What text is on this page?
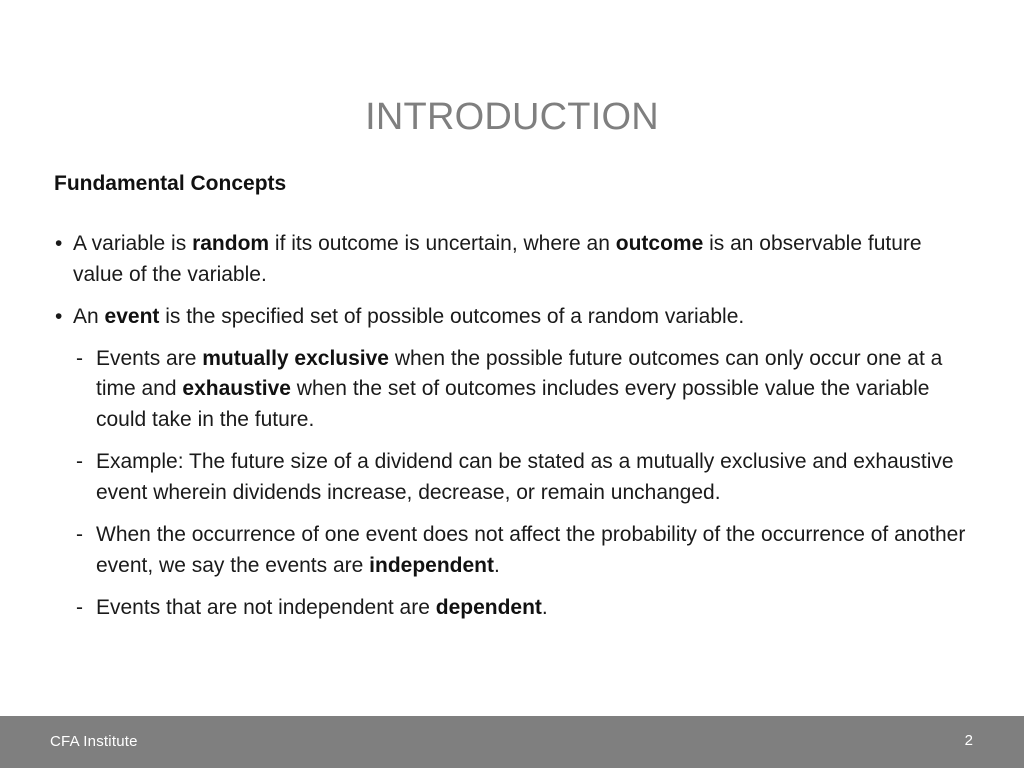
INTRODUCTION
Fundamental Concepts
• A variable is random if its outcome is uncertain, where an outcome is an observable future value of the variable.
• An event is the specified set of possible outcomes of a random variable.
- Events are mutually exclusive when the possible future outcomes can only occur one at a time and exhaustive when the set of outcomes includes every possible value the variable could take in the future.
- Example: The future size of a dividend can be stated as a mutually exclusive and exhaustive event wherein dividends increase, decrease, or remain unchanged.
- When the occurrence of one event does not affect the probability of the occurrence of another event, we say the events are independent.
- Events that are not independent are dependent.
CFA Institute	2
